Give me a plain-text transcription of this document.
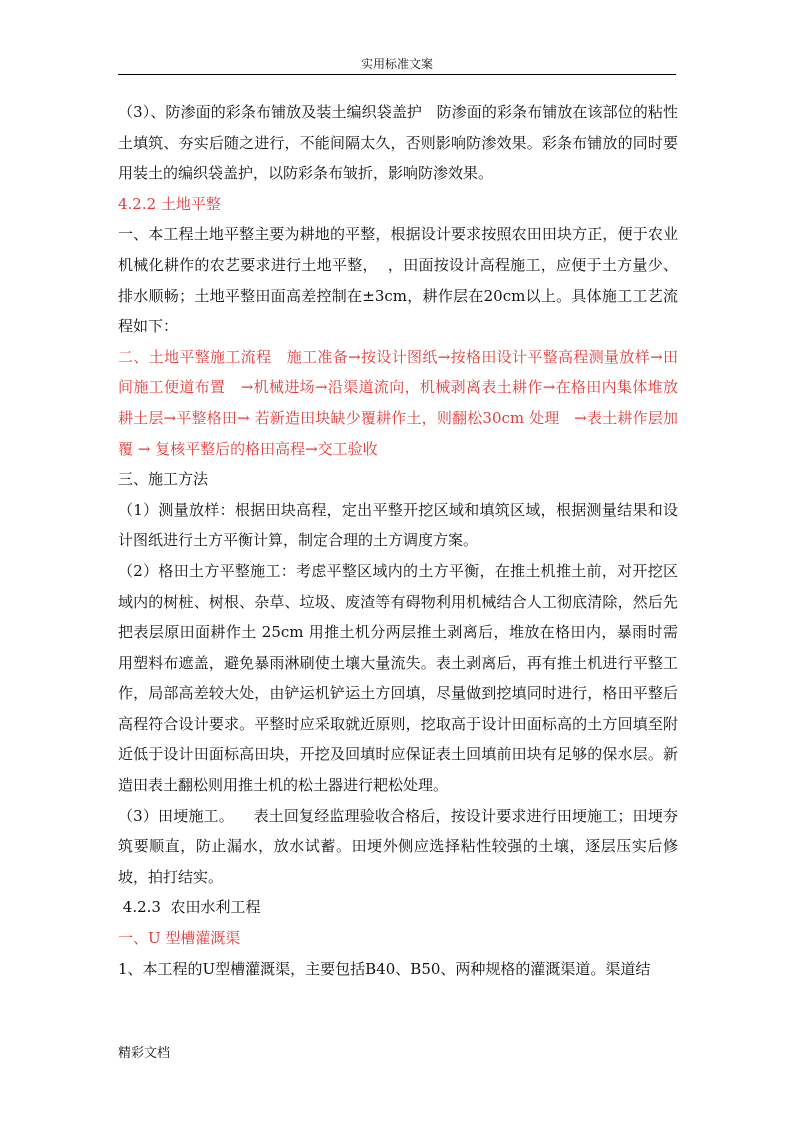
实用标准文案

（3）、防渗面的彩条布铺放及装土编织袋盖护   防渗面的彩条布铺放在该部位的粘性土填筑、夯实后随之进行，不能间隔太久，否则影响防渗效果。彩条布铺放的同时要用装土的编织袋盖护，以防彩条布皱折，影响防渗效果。

4.2.2 土地平整

一、本工程土地平整主要为耕地的平整，根据设计要求按照农田田块方正，便于农业机械化耕作的农艺要求进行土地平整，  ，田面按设计高程施工，应便于土方量少、排水顺畅；土地平整田面高差控制在±3cm，耕作层在20cm以上。具体施工工艺流程如下：

二、土地平整施工流程   施工准备→按设计图纸→按格田设计平整高程测量放样→田间施工便道布置   →机械进场→沿渠道流向，机械剥离表土耕作→在格田内集体堆放耕土层→平整格田→ 若新造田块缺少覆耕作土，则翻松30cm 处理   →表土耕作层加覆 → 复核平整后的格田高程→交工验收

三、施工方法

（1）测量放样：根据田块高程，定出平整开挖区域和填筑区域，根据测量结果和设计图纸进行土方平衡计算，制定合理的土方调度方案。

（2）格田土方平整施工：考虑平整区域内的土方平衡，在推土机推土前，对开挖区域内的树桩、树根、杂草、垃圾、废渣等有碍物利用机械结合人工彻底清除，然后先把表层原田面耕作土 25cm 用推土机分两层推土剥离后，堆放在格田内，暴雨时需用塑料布遮盖，避免暴雨淋刷使土壤大量流失。表土剥离后，再有推土机进行平整工作，局部高差较大处，由铲运机铲运土方回填，尽量做到挖填同时进行，格田平整后高程符合设计要求。平整时应采取就近原则，挖取高于设计田面标高的土方回填至附近低于设计田面标高田块，开挖及回填时应保证表土回填前田块有足够的保水层。新造田表土翻松则用推土机的松土器进行耙松处理。

（3）田埂施工。    表土回复经监理验收合格后，按设计要求进行田埂施工；田埂夯筑要顺直，防止漏水，放水试蓄。田埂外侧应选择粘性较强的土壤，逐层压实后修坡，拍打结实。

4.2.3  农田水利工程

一、U 型槽灌溉渠

1、本工程的U型槽灌溉渠，主要包括B40、B50、两种规格的灌溉渠道。渠道结

精彩文档
